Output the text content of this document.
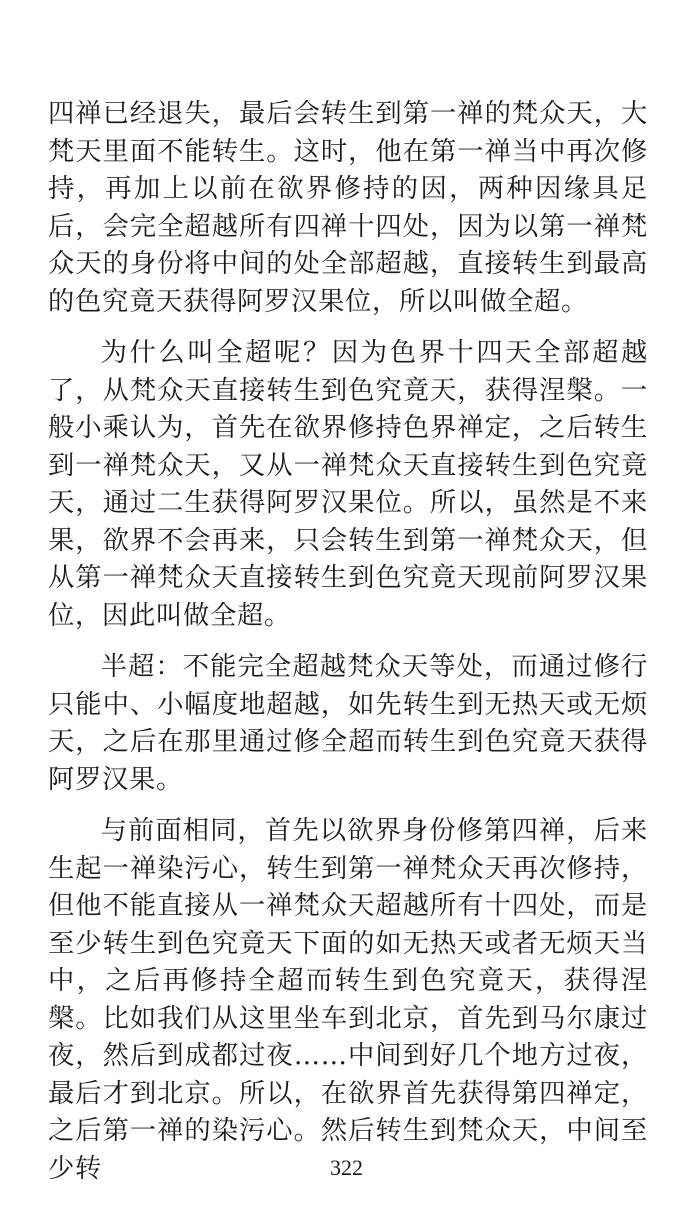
四禅已经退失，最后会转生到第一禅的梵众天，大梵天里面不能转生。这时，他在第一禅当中再次修持，再加上以前在欲界修持的因，两种因缘具足后，会完全超越所有四禅十四处，因为以第一禅梵众天的身份将中间的处全部超越，直接转生到最高的色究竟天获得阿罗汉果位，所以叫做全超。

为什么叫全超呢？因为色界十四天全部超越了，从梵众天直接转生到色究竟天，获得涅槃。一般小乘认为，首先在欲界修持色界禅定，之后转生到一禅梵众天，又从一禅梵众天直接转生到色究竟天，通过二生获得阿罗汉果位。所以，虽然是不来果，欲界不会再来，只会转生到第一禅梵众天，但从第一禅梵众天直接转生到色究竟天现前阿罗汉果位，因此叫做全超。

半超：不能完全超越梵众天等处，而通过修行只能中、小幅度地超越，如先转生到无热天或无烦天，之后在那里通过修全超而转生到色究竟天获得阿罗汉果。

与前面相同，首先以欲界身份修第四禅，后来生起一禅染污心，转生到第一禅梵众天再次修持，但他不能直接从一禅梵众天超越所有十四处，而是至少转生到色究竟天下面的如无热天或者无烦天当中，之后再修持全超而转生到色究竟天，获得涅槃。比如我们从这里坐车到北京，首先到马尔康过夜，然后到成都过夜……中间到好几个地方过夜，最后才到北京。所以，在欲界首先获得第四禅定，之后第一禅的染污心。然后转生到梵众天，中间至少转	322
